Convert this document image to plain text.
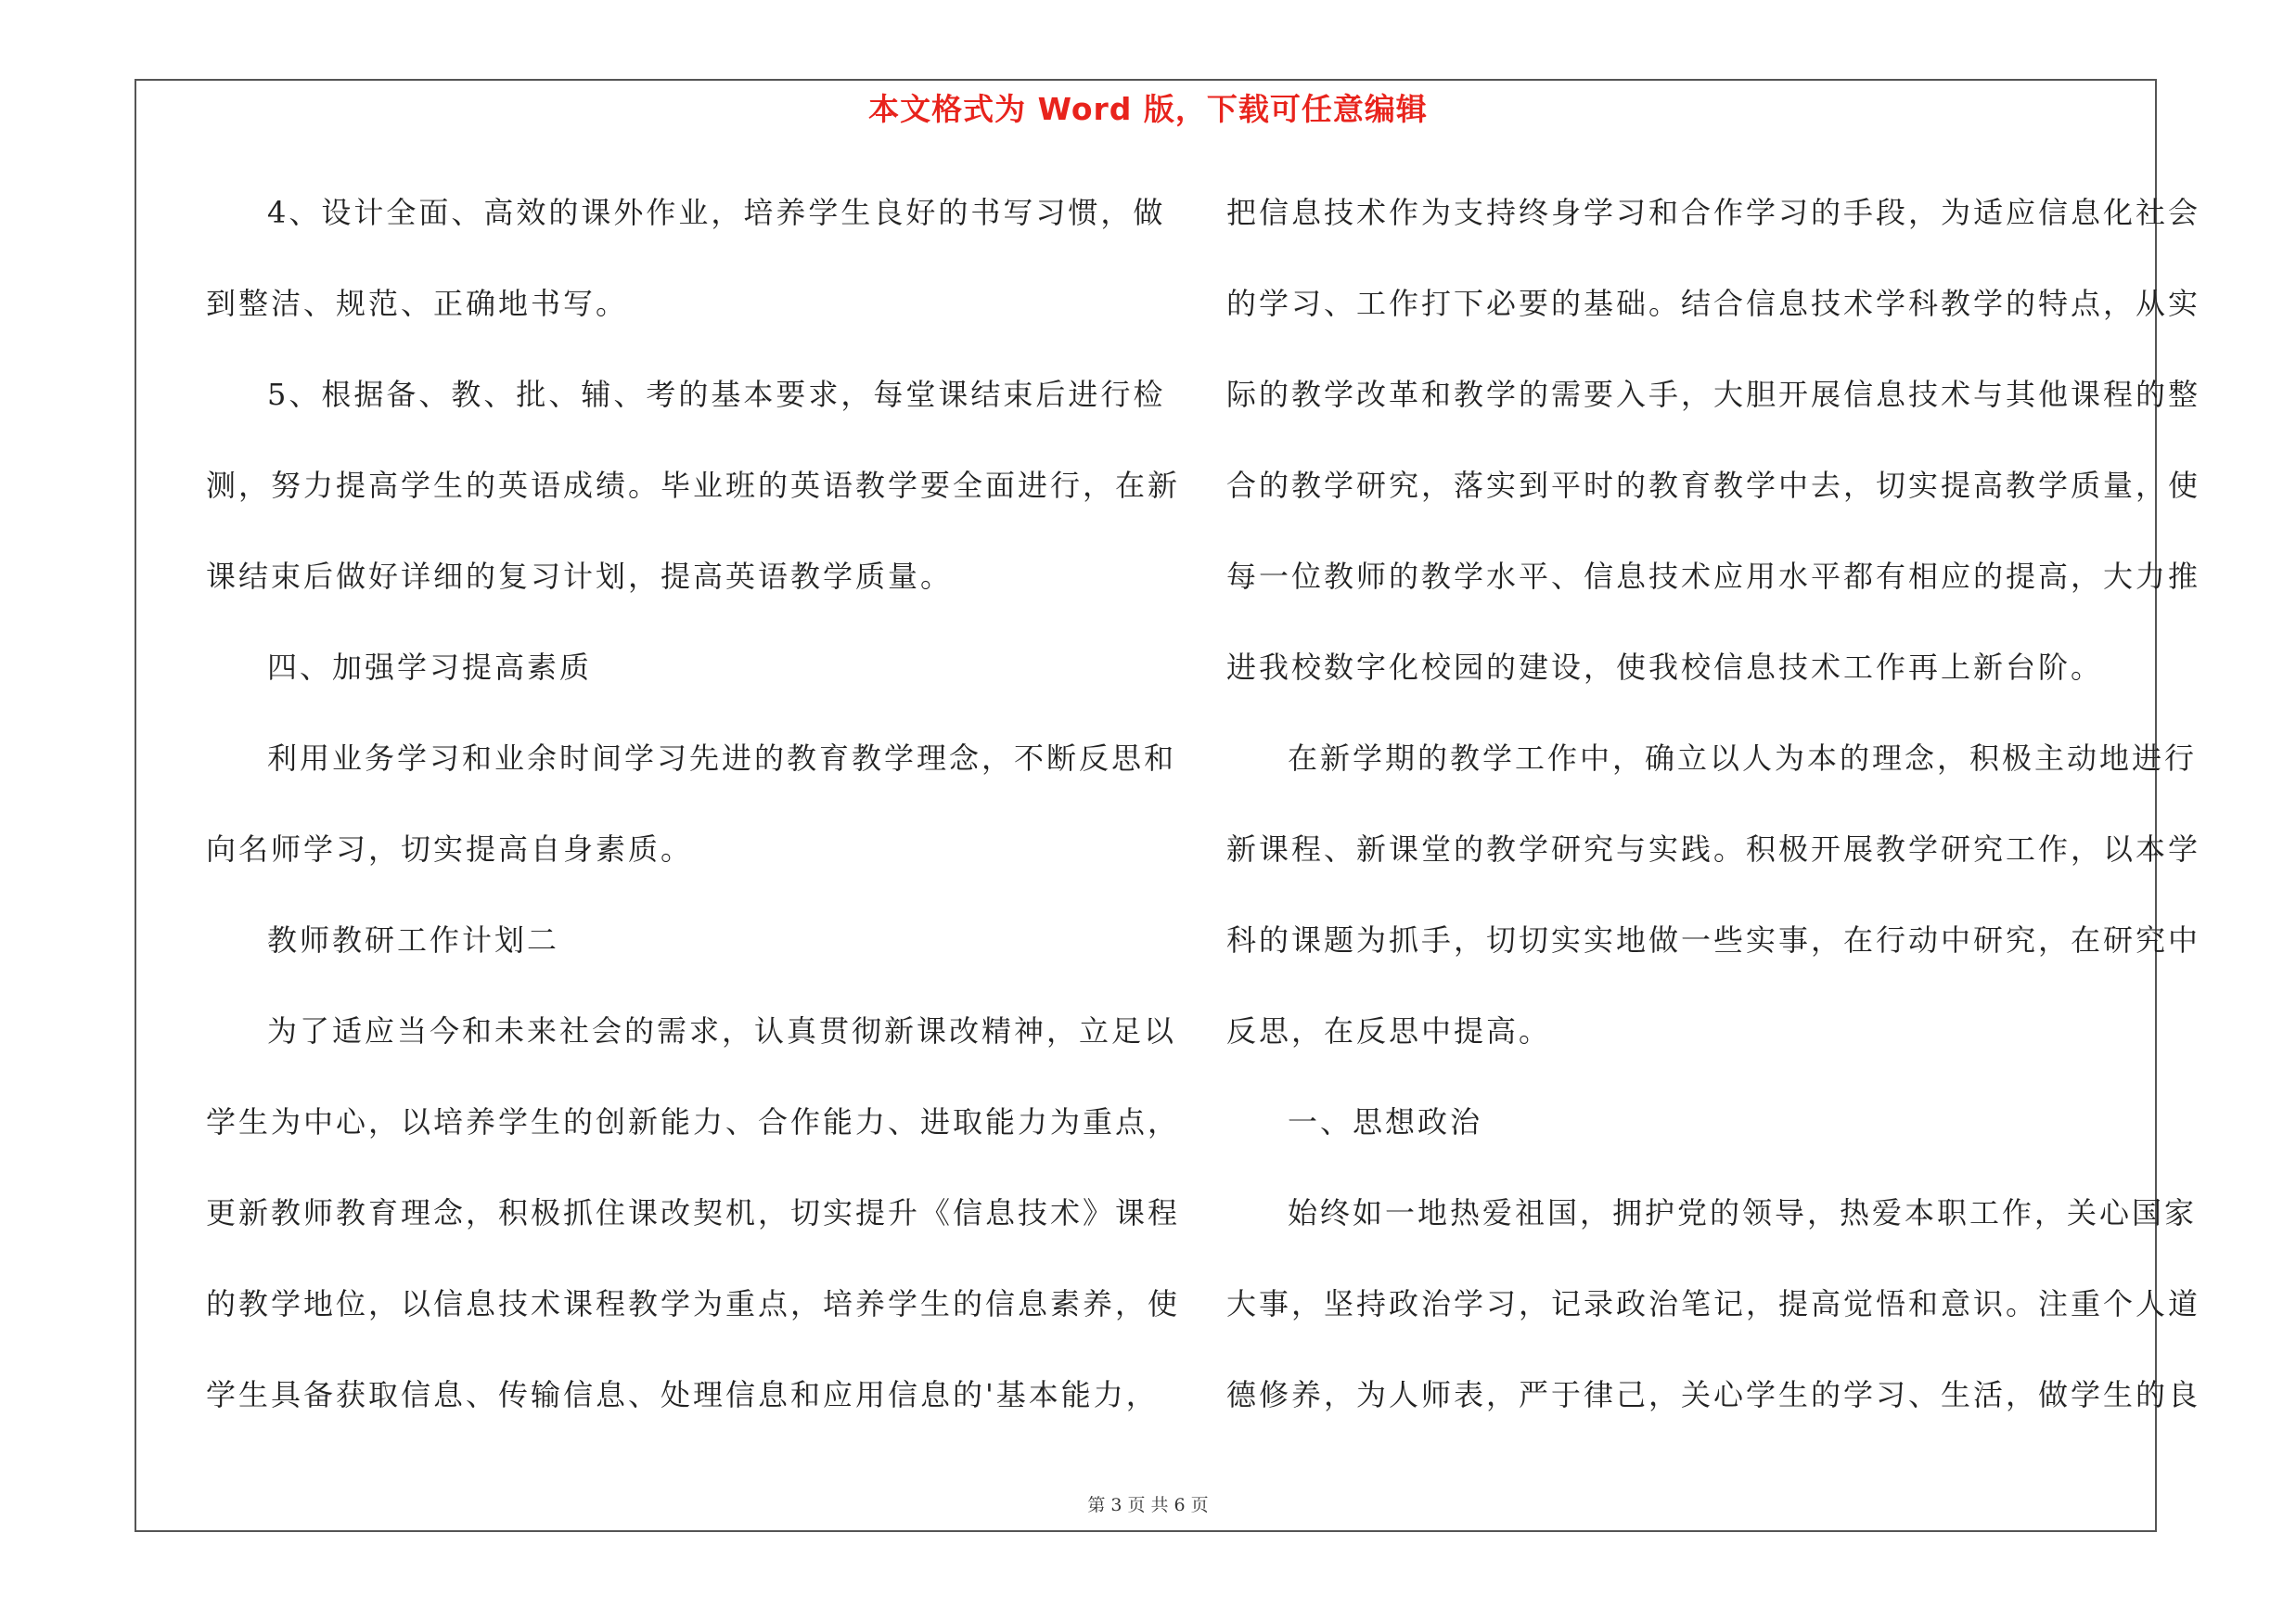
本文格式为 Word 版，下载可任意编辑
4、设计全面、高效的课外作业，培养学生良好的书写习惯，做
到整洁、规范、正确地书写。
5、根据备、教、批、辅、考的基本要求，每堂课结束后进行检
测，努力提高学生的英语成绩。毕业班的英语教学要全面进行，在新
课结束后做好详细的复习计划，提高英语教学质量。
四、加强学习提高素质
利用业务学习和业余时间学习先进的教育教学理念，不断反思和
向名师学习，切实提高自身素质。
教师教研工作计划二
为了适应当今和未来社会的需求，认真贯彻新课改精神，立足以
学生为中心，以培养学生的创新能力、合作能力、进取能力为重点，
更新教师教育理念，积极抓住课改契机，切实提升《信息技术》课程
的教学地位，以信息技术课程教学为重点，培养学生的信息素养，使
学生具备获取信息、传输信息、处理信息和应用信息的'基本能力，
把信息技术作为支持终身学习和合作学习的手段，为适应信息化社会
的学习、工作打下必要的基础。结合信息技术学科教学的特点，从实
际的教学改革和教学的需要入手，大胆开展信息技术与其他课程的整
合的教学研究，落实到平时的教育教学中去，切实提高教学质量，使
每一位教师的教学水平、信息技术应用水平都有相应的提高，大力推
进我校数字化校园的建设，使我校信息技术工作再上新台阶。
在新学期的教学工作中，确立以人为本的理念，积极主动地进行
新课程、新课堂的教学研究与实践。积极开展教学研究工作，以本学
科的课题为抓手，切切实实地做一些实事，在行动中研究，在研究中
反思，在反思中提高。
一、思想政治
始终如一地热爱祖国，拥护党的领导，热爱本职工作，关心国家
大事，坚持政治学习，记录政治笔记，提高觉悟和意识。注重个人道
德修养，为人师表，严于律己，关心学生的学习、生活，做学生的良
第 3 页 共 6 页
